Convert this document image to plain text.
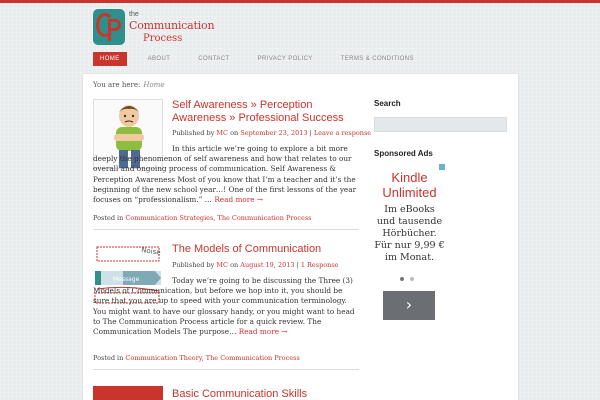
the
Communication
Process
HOME	ABOUT	CONTACT	PRIVACY POLICY	TERMS & CONDITIONS
You are here: Home
Self Awareness » Perception Awareness » Professional Success
Published by MC on September 23, 2013 | Leave a response
In this article we’re going to explore a bit more deeply the phenomenon of self awareness and how that relates to our overall and ongoing process of communication. Self Awareness & Perception Awareness Most of you know that I’m a teacher and it’s the beginning of the new school year…! One of the first lessons of the year focuses on “professionalism.” … Read more →
Posted in Communication Strategies, The Communication Process
Noise
Message
The Models of Communication
Published by MC on August 19, 2013 | 1 Response
Today we’re going to be discussing the Three (3) Models of Communication, but before we hop into it, you should be sure that you are up to speed with your communication terminology. You might want to have our glossary handy, or you might want to head to The Communication Process article for a quick review. The Communication Models The purpose… Read more →
Posted in Communication Theory, The Communication Process
Basic Communication Skills
Search
Sponsored Ads
Kindle
Unlimited
Im eBooks und tausende Hörbücher. Für nur 9,99 € im Monat.
›
